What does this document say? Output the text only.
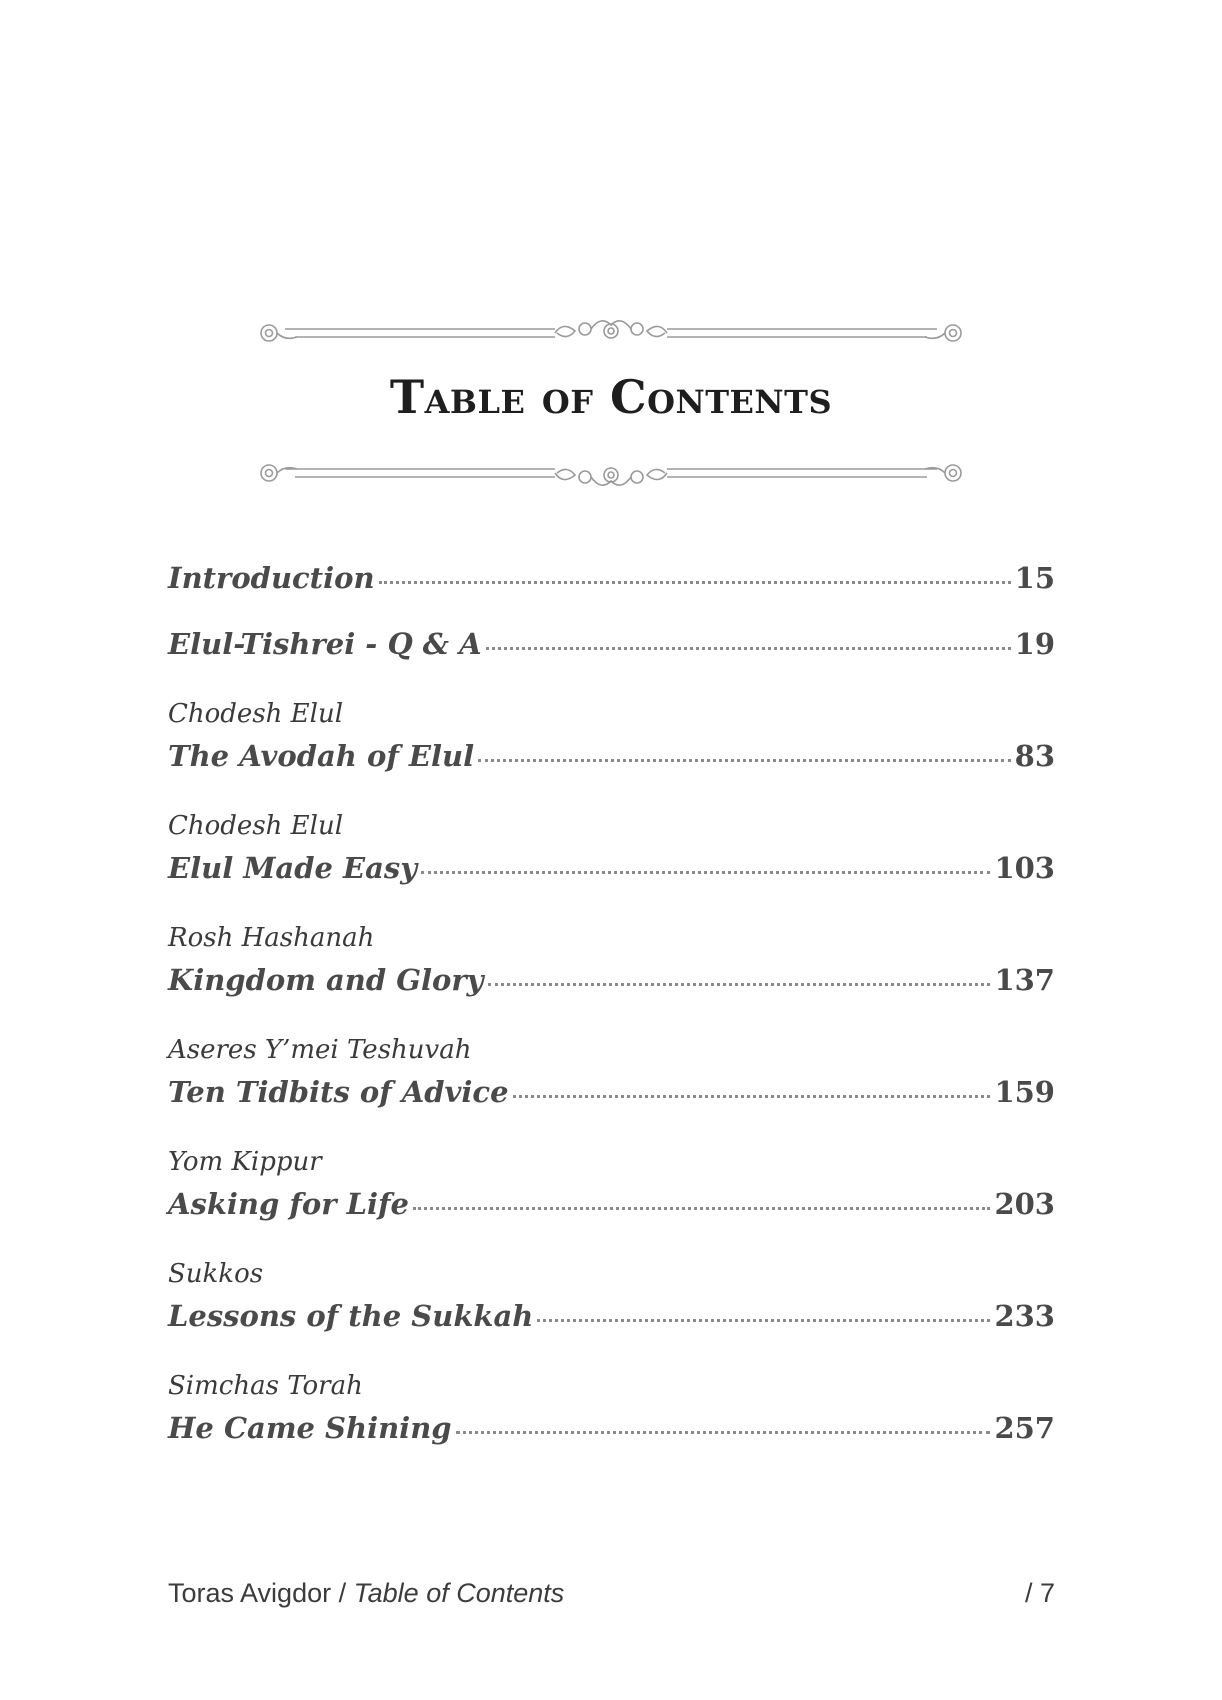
Table of Contents
Introduction	15
Elul-Tishrei - Q & A	19
Chodesh Elul
The Avodah of Elul	83
Chodesh Elul
Elul Made Easy	103
Rosh Hashanah
Kingdom and Glory	137
Aseres Y’mei Teshuvah
Ten Tidbits of Advice	159
Yom Kippur
Asking for Life	203
Sukkos
Lessons of the Sukkah	233
Simchas Torah
He Came Shining	257
Toras Avigdor / Table of Contents	/ 7
